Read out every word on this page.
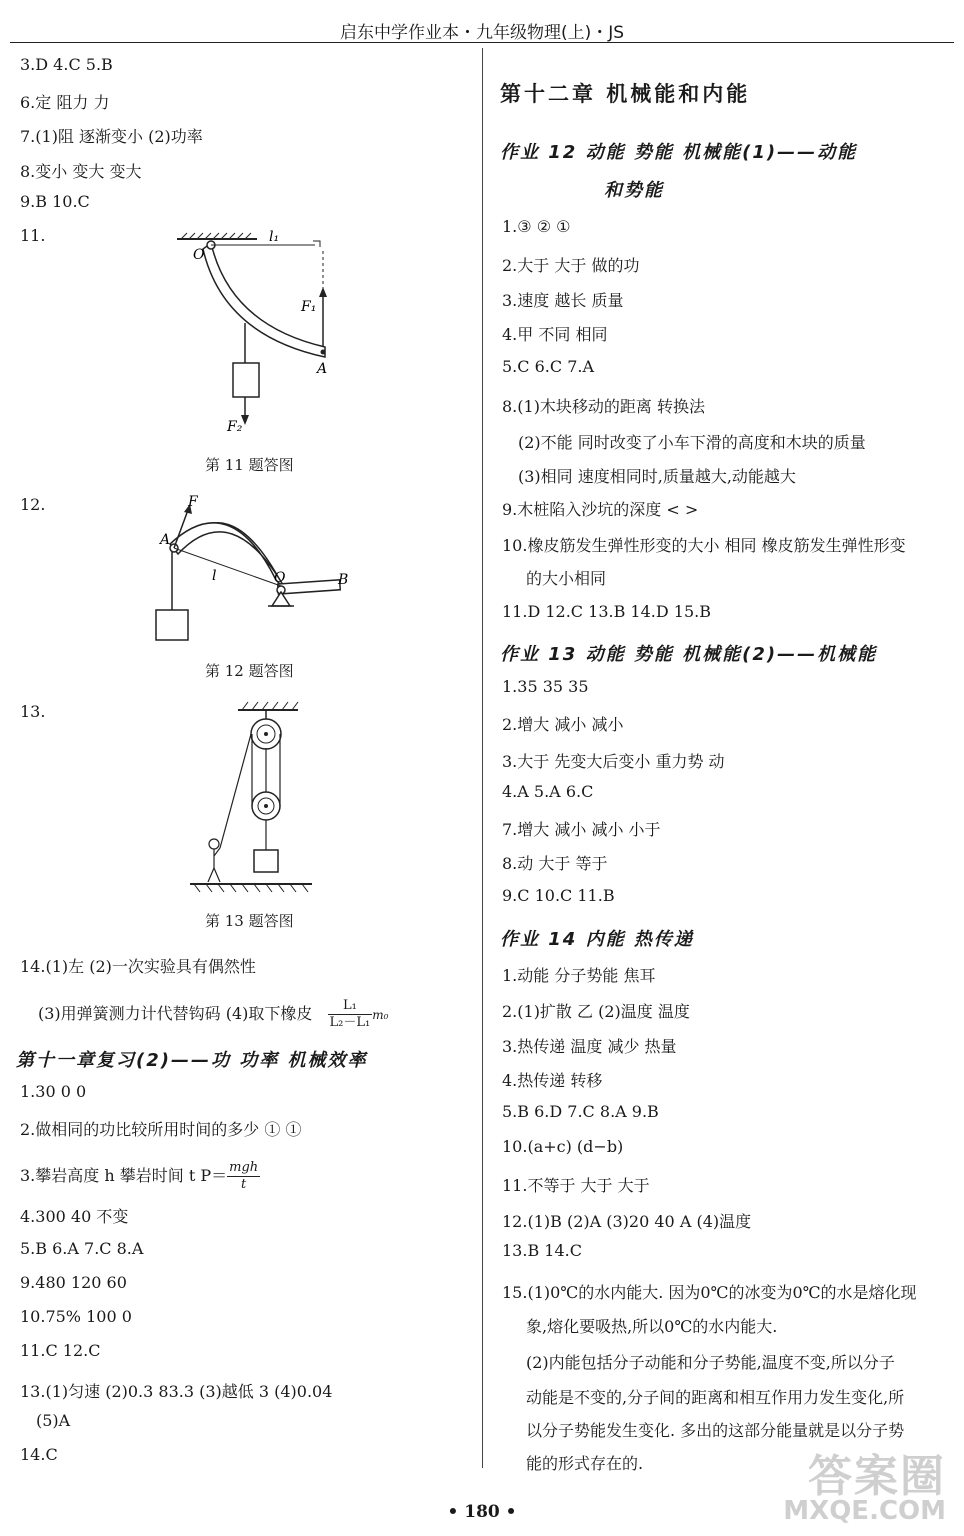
启东中学作业本・九年级物理(上)・JS
3.D 4.C 5.B
6.定 阻力 力
7.(1)阻 逐渐变小 (2)功率
8.变小 变大 变大
9.B 10.C
11.
O
l₁
F₁
A
F₂
第 11 题答图
12.
A
F
l	O	B
第 12 题答图
13.
第 13 题答图
14.(1)左 (2)一次实验具有偶然性
(3)用弹簧测力计代替钩码 (4)取下橡皮 $\frac{\text{L₁}}{\text{L₂－L₁}} m_0$
第十一章复习(2)——功 功率 机械效率
1.30 0 0
2.做相同的功比较所用时间的多少 ① ①
3.攀岩高度 h 攀岩时间 t $P= \frac{\text{mgh}}{t}$
4.300 40 不变
5.B 6.A 7.C 8.A
9.480 120 60
10.75% 100 0
11.C 12.C
13.(1)匀速 (2)0.3 83.3 (3)越低 3 (4)0.04
(5)A
14.C
第十二章 机械能和内能
作业 12 动能 势能 机械能(1)——动能
和势能
1.③ ② ①
2.大于 大于 做的功
3.速度 越长 质量
4.甲 不同 相同
5.C 6.C 7.A
8.(1)木块移动的距离 转换法
(2)不能 同时改变了小车下滑的高度和木块的质量
(3)相同 速度相同时,质量越大,动能越大
9.木桩陷入沙坑的深度 < >
10.橡皮筋发生弹性形变的大小 相同 橡皮筋发生弹性形变
的大小相同
11.D 12.C 13.B 14.D 15.B
作业 13 动能 势能 机械能(2)——机械能
1.35 35 35
2.增大 减小 减小
3.大于 先变大后变小 重力势 动
4.A 5.A 6.C
7.增大 减小 减小 小于
8.动 大于 等于
9.C 10.C 11.B
作业 14 内能 热传递
1.动能 分子势能 焦耳
2.(1)扩散 乙 (2)温度 温度
3.热传递 温度 减少 热量
4.热传递 转移
5.B 6.D 7.C 8.A 9.B
10.(a+c) (d−b)
11.不等于 大于 大于
12.(1)B (2)A (3)20 40 A (4)温度
13.B 14.C
15.(1)0℃的水内能大. 因为0℃的冰变为0℃的水是熔化现
象,熔化要吸热,所以0℃的水内能大.
(2)内能包括分子动能和分子势能,温度不变,所以分子
动能是不变的,分子间的距离和相互作用力发生变化,所
以分子势能发生变化. 多出的这部分能量就是以分子势
能的形式存在的.	答案圈
MXQE.COM
• 180 •
